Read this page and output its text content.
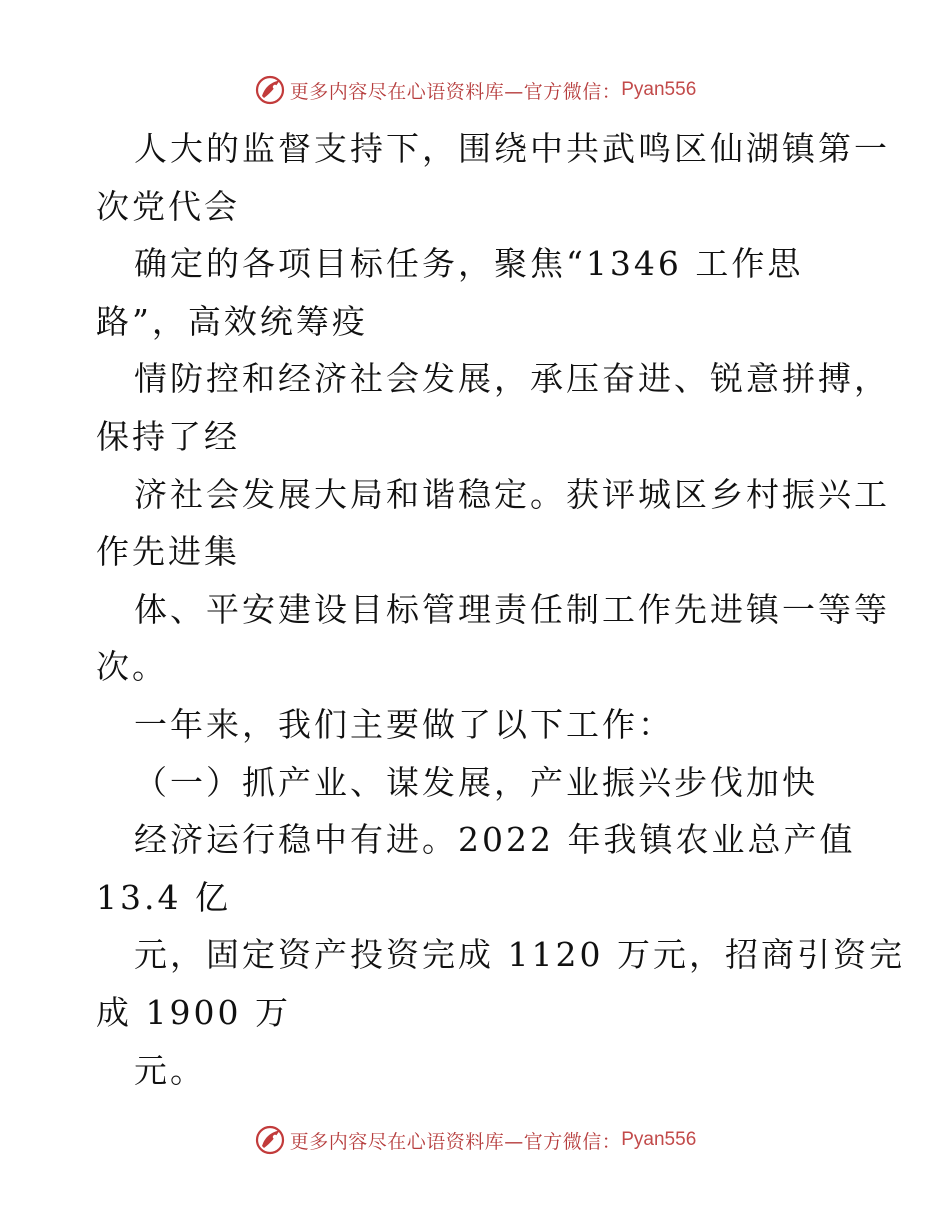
更多内容尽在心语资料库—官方微信： Pyan556
人大的监督支持下，围绕中共武鸣区仙湖镇第一
次党代会
确定的各项目标任务，聚焦“1346 工作思
路”，高效统筹疫
情防控和经济社会发展，承压奋进、锐意拼搏，
保持了经
济社会发展大局和谐稳定。获评城区乡村振兴工
作先进集
体、平安建设目标管理责任制工作先进镇一等等
次。
一年来，我们主要做了以下工作：
（一）抓产业、谋发展，产业振兴步伐加快
经济运行稳中有进。2022 年我镇农业总产值
13.4 亿
元，固定资产投资完成 1120 万元，招商引资完
成 1900 万
元。
更多内容尽在心语资料库—官方微信： Pyan556
